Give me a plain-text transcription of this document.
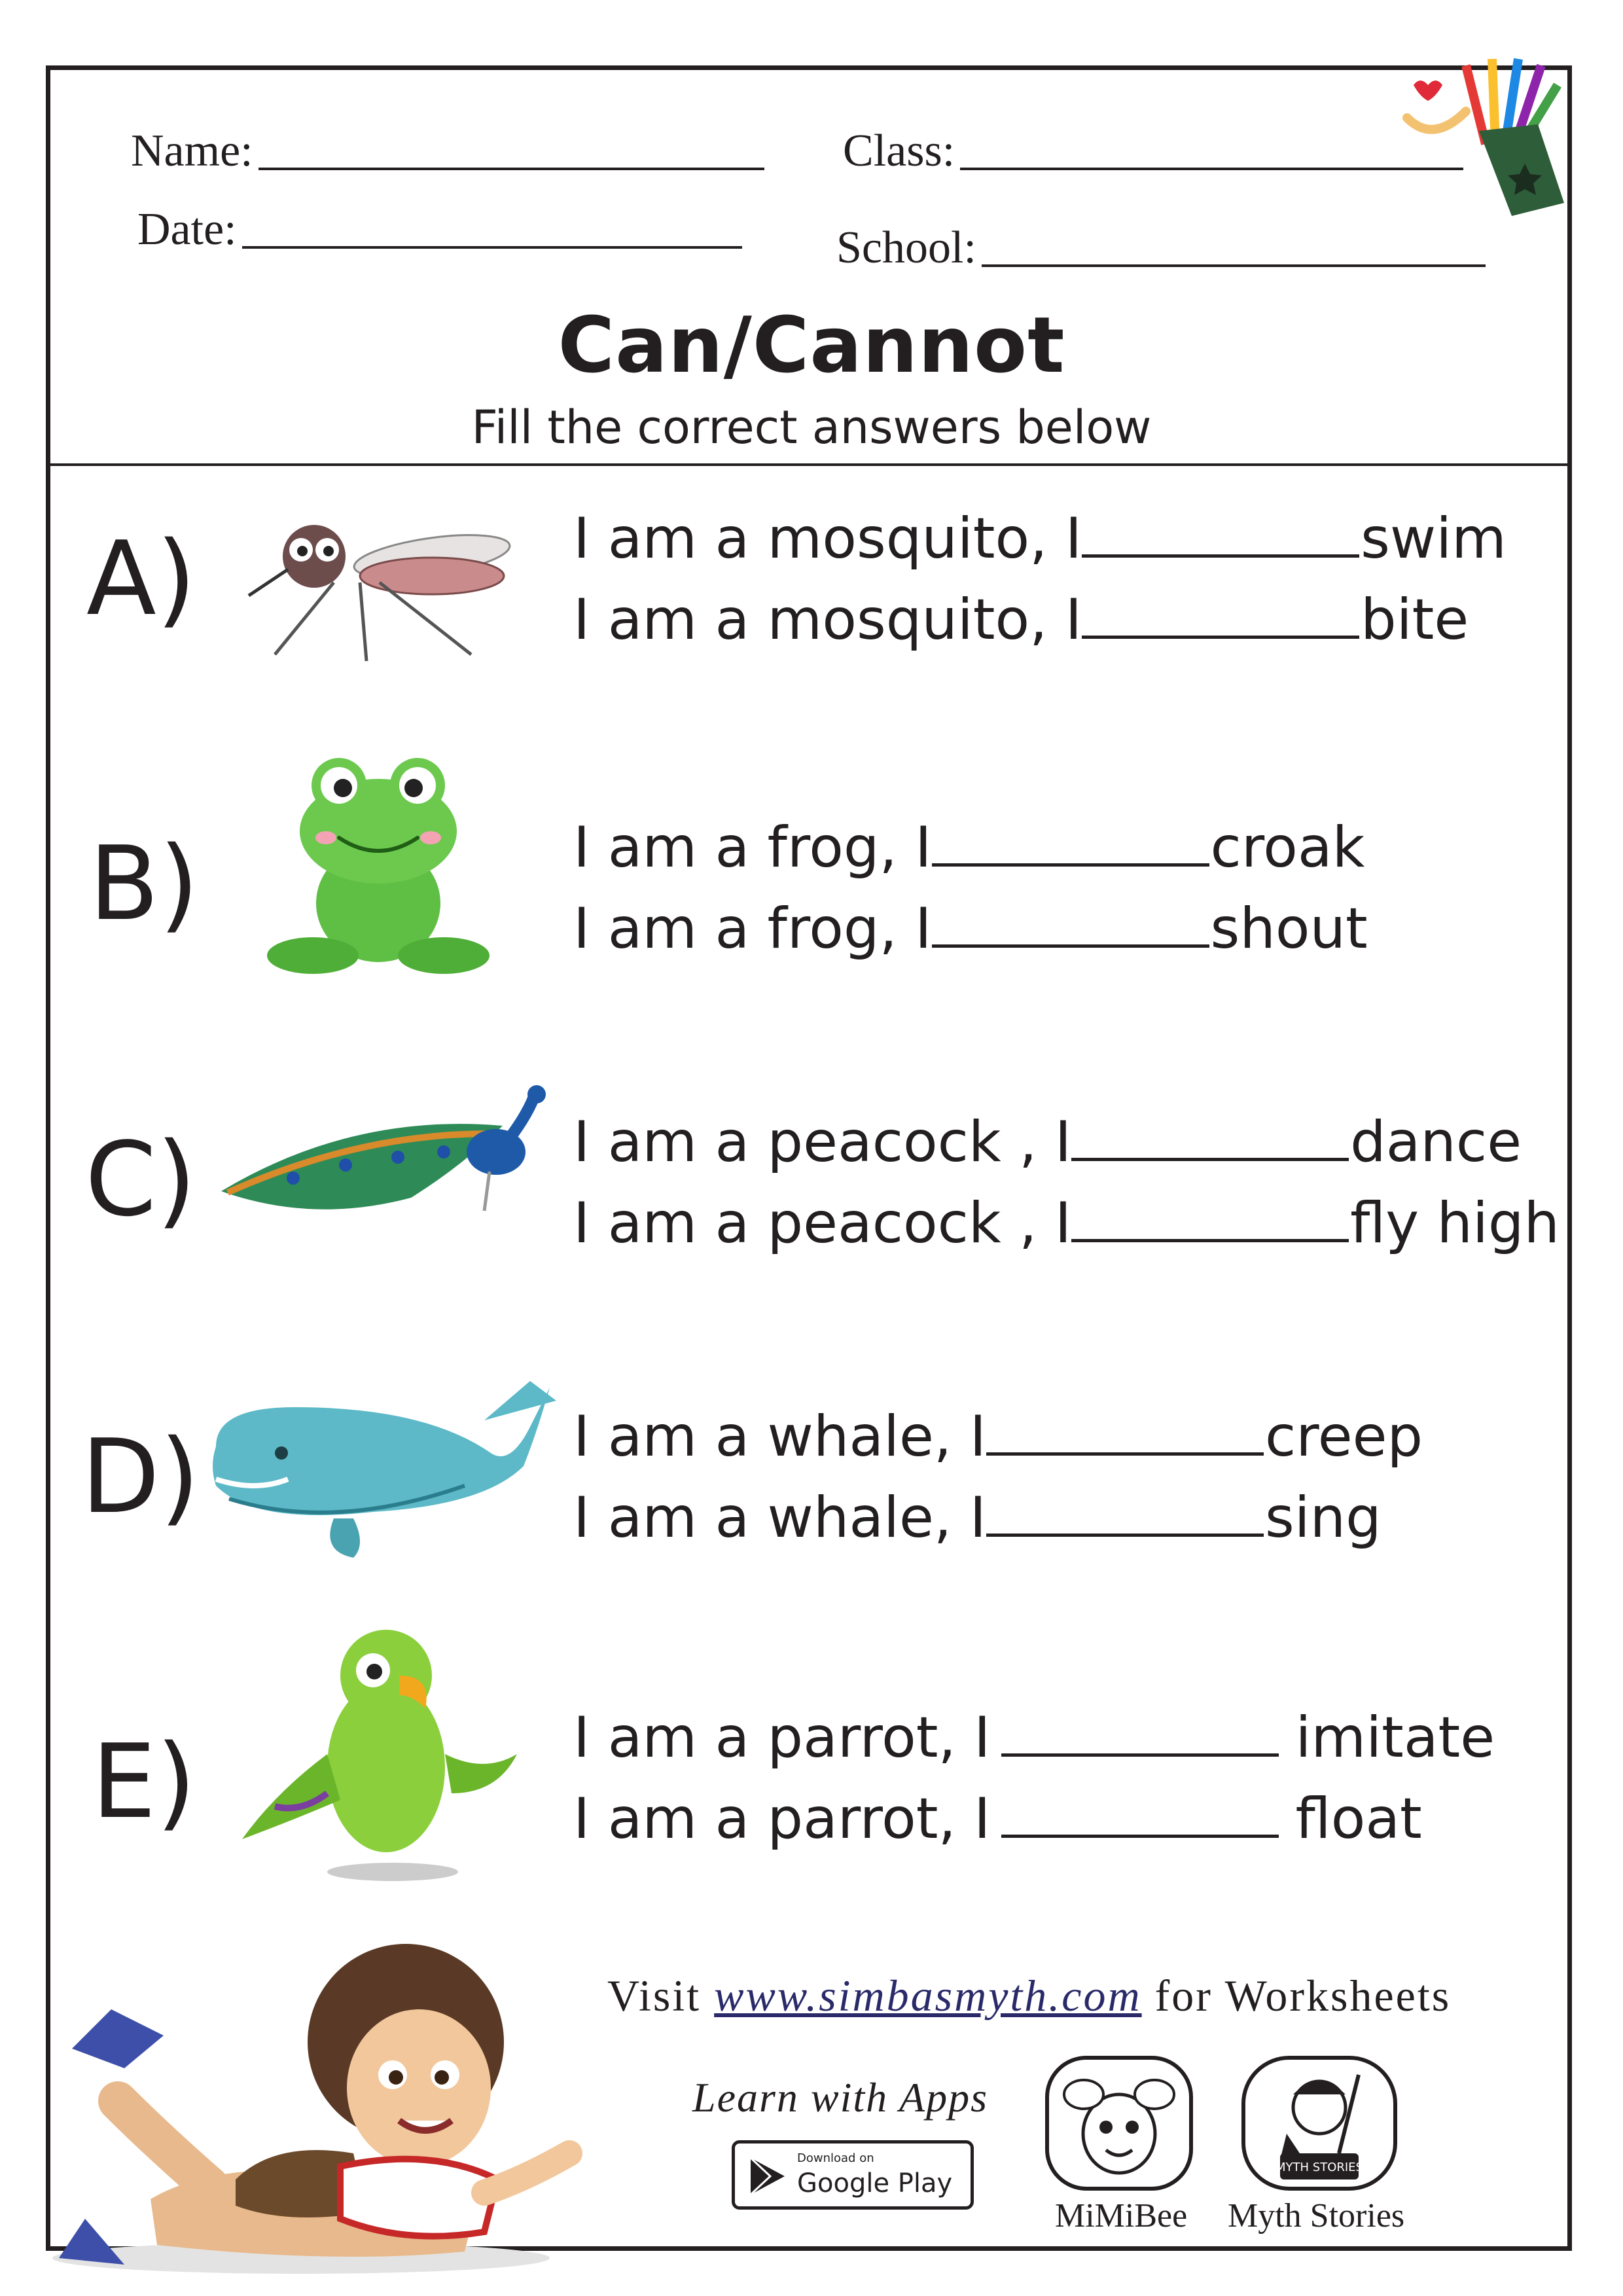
Name:
Date:
Class:
School:
Can/Cannot
Fill the correct answers below
A)	I am a mosquito, I	swim
I am a mosquito, I	bite
B)	I am a frog, I	croak
I am a frog, I	shout
C)	I am a peacock , I	dance
I am a peacock , I	fly high
D)	I am a whale, I	creep
I am a whale, I	sing
E)	I am a parrot, I	imitate
I am a parrot, I	float
Visit www.simbasmyth.com for Worksheets
Learn with Apps
Download on
Google Play
MiMiBee
MYTH STORIES
Myth Stories
